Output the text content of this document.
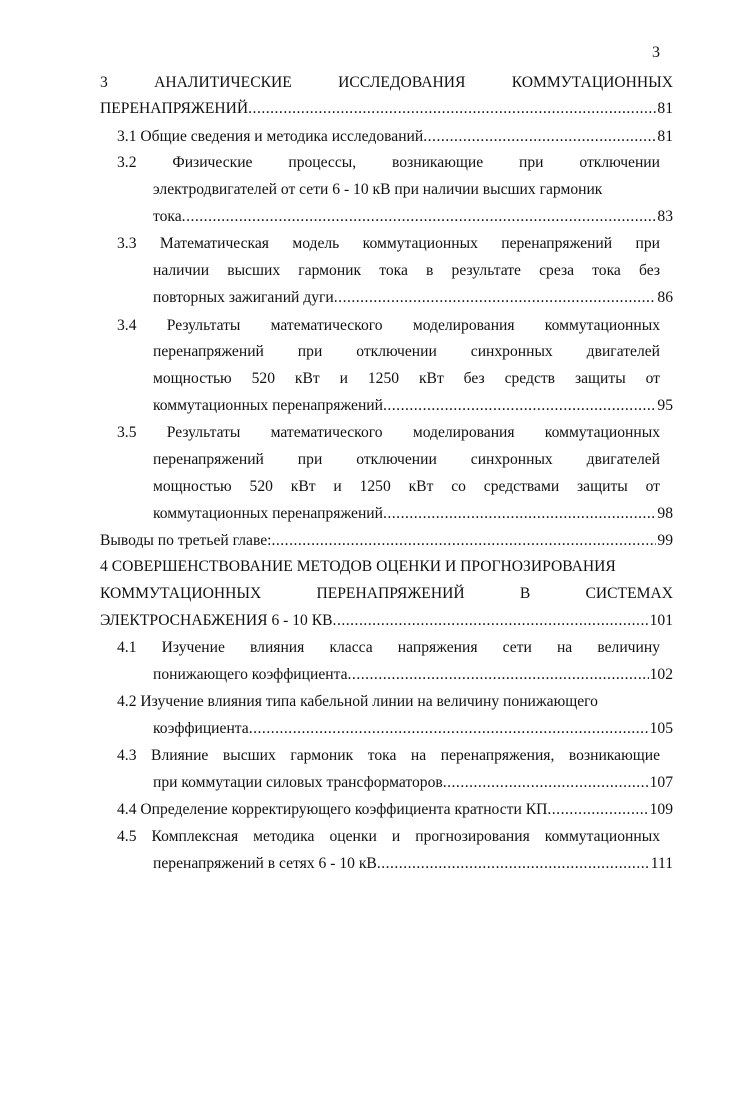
3
3	АНАЛИТИЧЕСКИЕ	ИССЛЕДОВАНИЯ	КОММУТАЦИОННЫХ
ПЕРЕНАПРЯЖЕНИЙ .....	81
3.1 Общие сведения и методика исследований .....	81
3.2 Физические процессы, возникающие при отключении
электродвигателей от сети 6 - 10 кВ при наличии высших гармоник
тока .....	83
3.3 Математическая модель коммутационных перенапряжений при
наличии высших гармоник тока в результате среза тока без
повторных зажиганий дуги .....	86
3.4 Результаты математического моделирования коммутационных
перенапряжений при отключении синхронных двигателей
мощностью 520 кВт и 1250 кВт без средств защиты от
коммутационных перенапряжений .....	95
3.5 Результаты математического моделирования коммутационных
перенапряжений при отключении синхронных двигателей
мощностью 520 кВт и 1250 кВт со средствами защиты от
коммутационных перенапряжений .....	98
Выводы по третьей главе: .....	99
4 СОВЕРШЕНСТВОВАНИЕ МЕТОДОВ ОЦЕНКИ И ПРОГНОЗИРОВАНИЯ
КОММУТАЦИОННЫХ	ПЕРЕНАПРЯЖЕНИЙ	В	СИСТЕМАХ
ЭЛЕКТРОСНАБЖЕНИЯ 6 - 10 КВ .....	101
4.1 Изучение влияния класса напряжения сети на величину
понижающего коэффициента .....	102
4.2 Изучение влияния типа кабельной линии на величину понижающего
коэффициента .....	105
4.3 Влияние высших гармоник тока на перенапряжения, возникающие
при коммутации силовых трансформаторов .....	107
4.4 Определение корректирующего коэффициента кратности КП .....	109
4.5 Комплексная методика оценки и прогнозирования коммутационных
перенапряжений в сетях 6 - 10 кВ .....	111
